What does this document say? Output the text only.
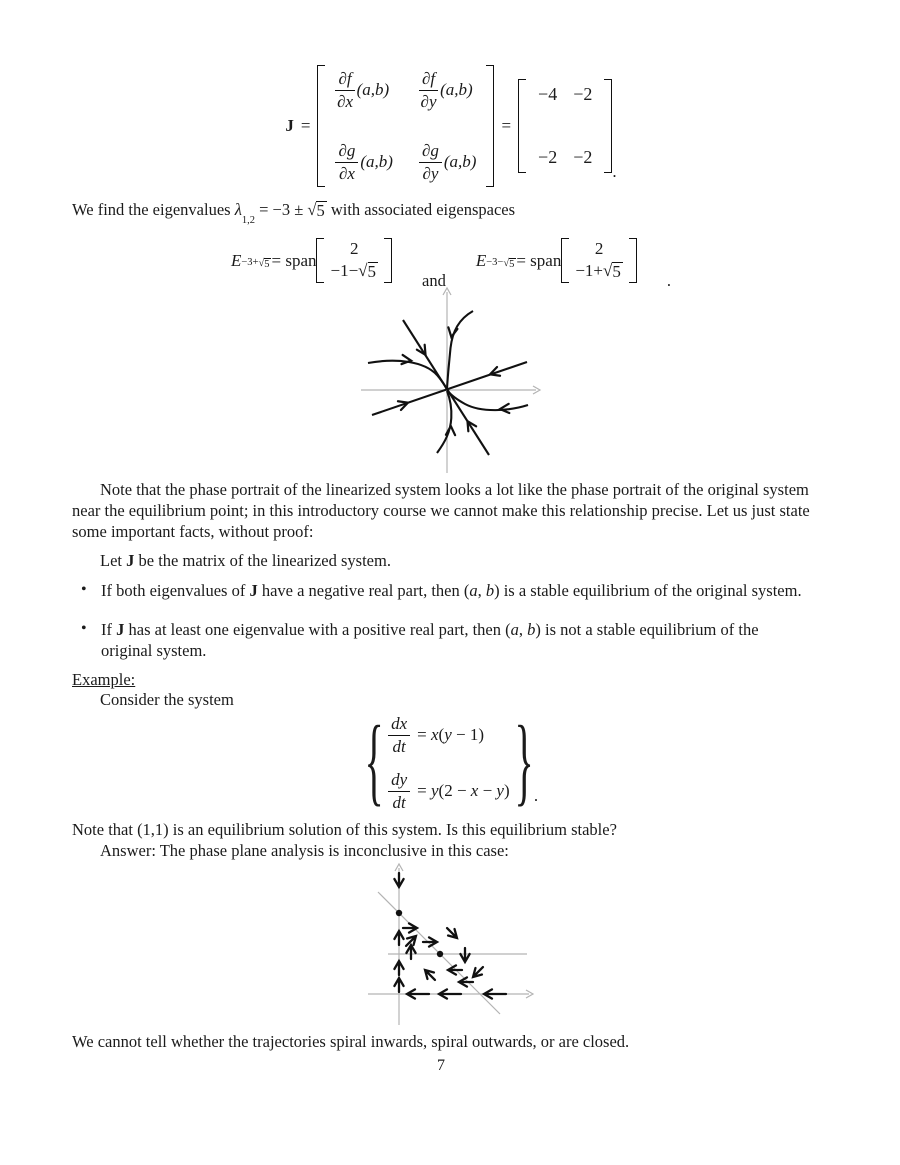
J =
$\frac{\partial f}{\partial x} (a,b) \frac{\partial f}{\partial y} (a,b)$
$\frac{\partial g}{\partial x} (a,b) \frac{\partial g}{\partial y} (a,b)$
=
−4 −2
−2 −2
.

We find the eigenvalues $\lambda_{1,2} = -3$ ± √ 5 with associated eigenspaces

E $_{-3+ √ 5}$ = span
2
−1− √ 5
and
E $_{-3- √ 5}$ = span
2
−1+ √ 5
.

Note that the phase portrait of the linearized system looks a lot like the phase portrait of the original system near the equilibrium point; in this introductory course we cannot make this relationship precise. Let us just state some important facts, without proof:

Let J be the matrix of the linearized system.

• If both eigenvalues of J have a negative real part, then (a, b) is a stable equilibrium of the original system.

• If J has at least one eigenvalue with a positive real part, then (a, b) is not a stable equilibrium of the original system.

Example:

Consider the system

{ $\frac{dx}{dt} = x(y - 1)$
$\frac{dy}{dt} = y(2 - x - y)$ } .

Note that (1,1) is an equilibrium solution of this system. Is this equilibrium stable?

Answer: The phase plane analysis is inconclusive in this case:

We cannot tell whether the trajectories spiral inwards, spiral outwards, or are closed.

7
